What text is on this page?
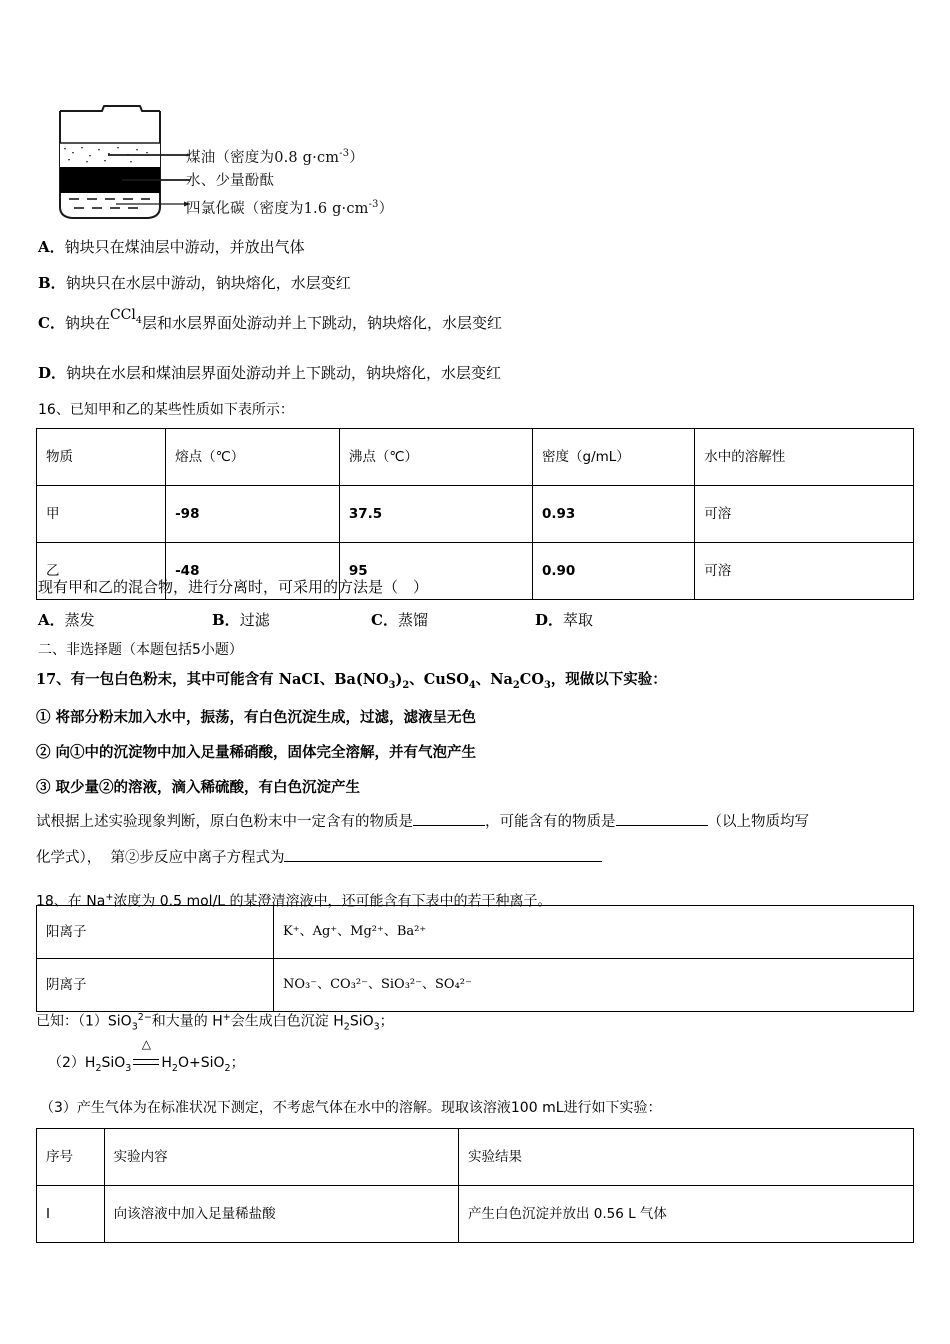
煤油（密度为0.8 $g\cdot cm^{-3}$）
水、少量酚酞
四氯化碳（密度为1.6 $g\cdot cm^{-3}$）
A．钠块只在煤油层中游动，并放出气体
B．钠块只在水层中游动，钠块熔化，水层变红
C．钠块在CCl$_4$层和水层界面处游动并上下跳动，钠块熔化，水层变红
D．钠块在水层和煤油层界面处游动并上下跳动，钠块熔化，水层变红
16、已知甲和乙的某些性质如下表所示：
物质	熔点（℃）	沸点（℃）	密度（g/mL）	水中的溶解性
甲	-98	37.5	0.93	可溶
乙	-48	95	0.90	可溶
现有甲和乙的混合物，进行分离时，可采用的方法是（　）
A．蒸发	B．过滤	C．蒸馏	D．萃取
二、非选择题（本题包括5小题）
17、有一包白色粉末，其中可能含有 NaCI、$Ba(NO_3)_2$、CuSO$_4$、$Na_2CO_3$，现做以下实验：
① 将部分粉末加入水中，振荡，有白色沉淀生成，过滤，滤液呈无色
② 向①中的沉淀物中加入足量稀硝酸，固体完全溶解，并有气泡产生
③ 取少量②的溶液，滴入稀硫酸，有白色沉淀产生
试根据上述实验现象判断，原白色粉末中一定含有的物质是	，可能含有的物质是	（以上物质均写
化学式）， 第②步反应中离子方程式为
18、在 Na+浓度为 0.5 mol/L 的某澄清溶液中，还可能含有下表中的若干种离子。
阳离子	K⁺、Ag⁺、Mg²⁺、Ba²⁺
阴离子	NO₃⁻、CO₃²⁻、SiO₃²⁻、SO₄²⁻
已知：（1）SiO$_3^{2-}$和大量的 H+会生成白色沉淀 $H_2SiO_3$；
$(2)H_2SiO_3$
△
$H_2O+SiO_2$；
（3）产生气体为在标准状况下测定，不考虑气体在水中的溶解。现取该溶液100 mL进行如下实验：
序号	实验内容	实验结果
Ⅰ	向该溶液中加入足量稀盐酸	产生白色沉淀并放出 0.56 L 气体
